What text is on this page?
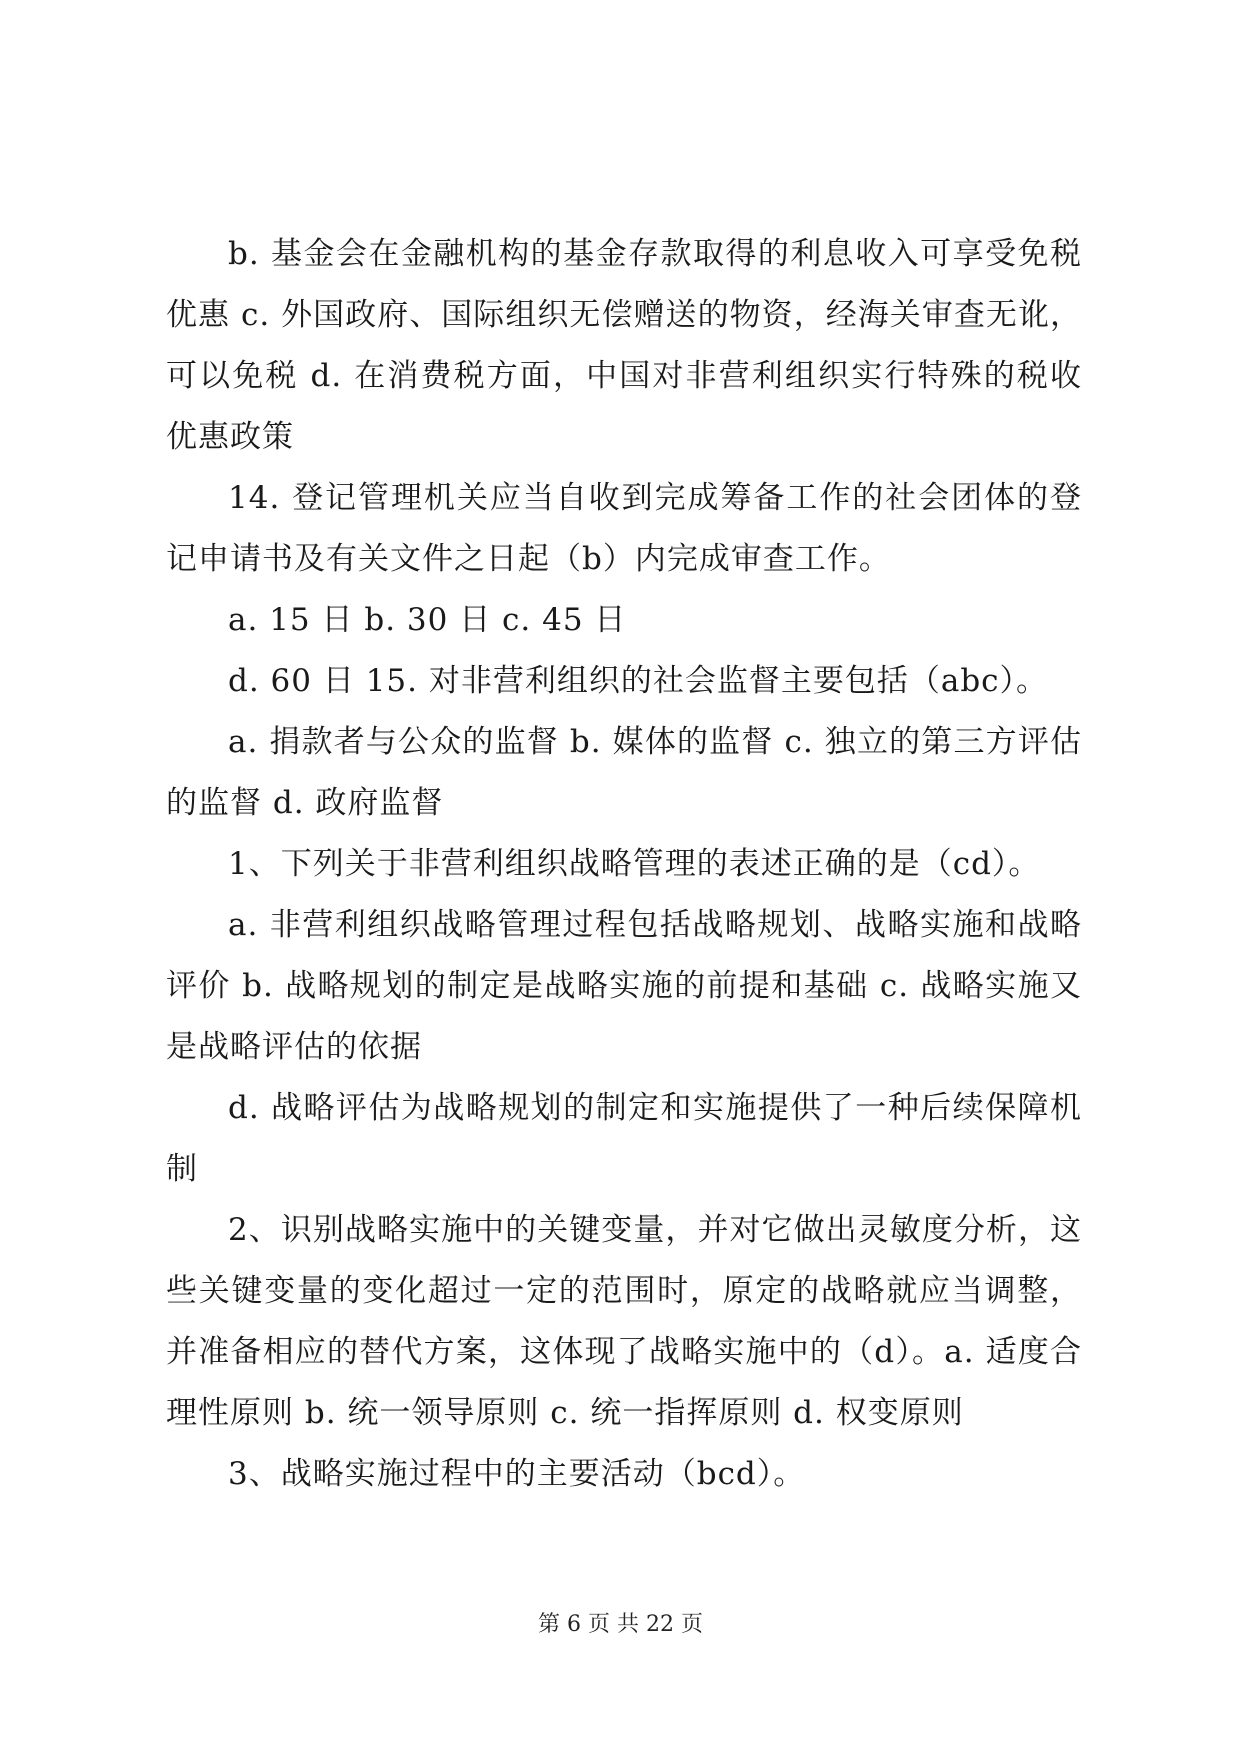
b. 基金会在金融机构的基金存款取得的利息收入可享受免税优惠 c. 外国政府、国际组织无偿赠送的物资，经海关审查无讹，可以免税 d. 在消费税方面，中国对非营利组织实行特殊的税收优惠政策

14. 登记管理机关应当自收到完成筹备工作的社会团体的登记申请书及有关文件之日起（b）内完成审查工作。

a. 15 日 b. 30 日 c. 45 日

d. 60 日 15. 对非营利组织的社会监督主要包括（abc）。

a. 捐款者与公众的监督 b. 媒体的监督 c. 独立的第三方评估的监督 d. 政府监督

1、下列关于非营利组织战略管理的表述正确的是（cd）。

a. 非营利组织战略管理过程包括战略规划、战略实施和战略评价 b. 战略规划的制定是战略实施的前提和基础 c. 战略实施又是战略评估的依据

d. 战略评估为战略规划的制定和实施提供了一种后续保障机制

2、识别战略实施中的关键变量，并对它做出灵敏度分析，这些关键变量的变化超过一定的范围时，原定的战略就应当调整，并准备相应的替代方案，这体现了战略实施中的（d）。a. 适度合理性原则 b. 统一领导原则 c. 统一指挥原则 d. 权变原则

3、战略实施过程中的主要活动（bcd）。

第 6 页 共 22 页
